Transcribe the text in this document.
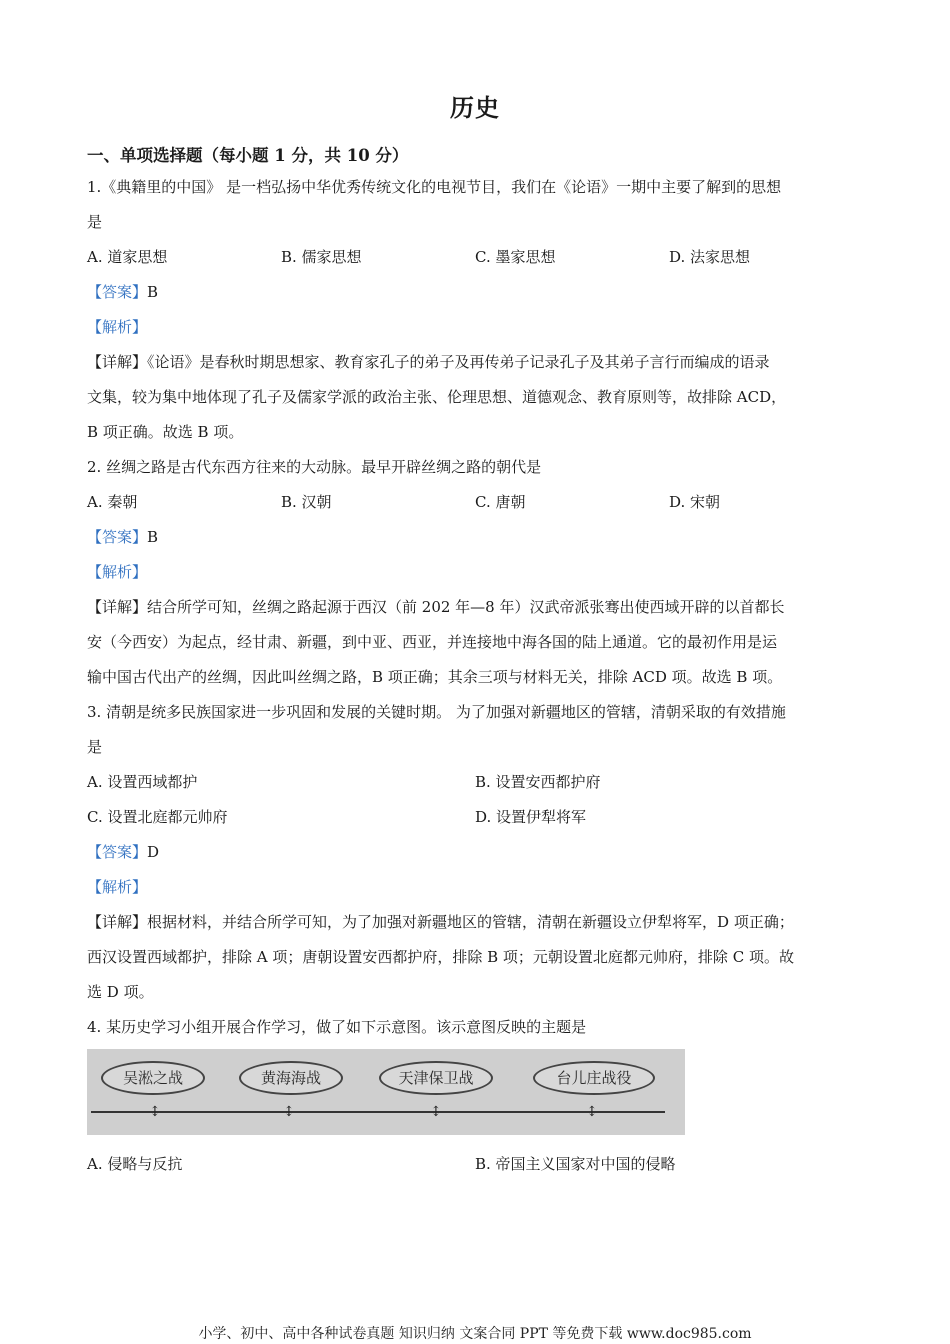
历史
一、单项选择题（每小题 1 分，共 10 分）
1.《典籍里的中国》 是一档弘扬中华优秀传统文化的电视节目，我们在《论语》一期中主要了解到的思想
是
A. 道家思想	B. 儒家思想	C. 墨家思想	D. 法家思想
【答案】B
【解析】
【详解】《论语》是春秋时期思想家、教育家孔子的弟子及再传弟子记录孔子及其弟子言行而编成的语录
文集，较为集中地体现了孔子及儒家学派的政治主张、伦理思想、道德观念、教育原则等，故排除 ACD，
B 项正确。故选 B 项。
2. 丝绸之路是古代东西方往来的大动脉。最早开辟丝绸之路的朝代是
A. 秦朝	B. 汉朝	C. 唐朝	D. 宋朝
【答案】B
【解析】
【详解】结合所学可知，丝绸之路起源于西汉（前 202 年—8 年）汉武帝派张骞出使西域开辟的以首都长
安（今西安）为起点，经甘肃、新疆，到中亚、西亚，并连接地中海各国的陆上通道。它的最初作用是运
输中国古代出产的丝绸，因此叫丝绸之路，B 项正确；其余三项与材料无关，排除 ACD 项。故选 B 项。
3. 清朝是统多民族国家进一步巩固和发展的关键时期。 为了加强对新疆地区的管辖，清朝采取的有效措施
是
A. 设置西域都护	B. 设置安西都护府
C. 设置北庭都元帅府	D. 设置伊犁将军
【答案】D
【解析】
【详解】根据材料，并结合所学可知，为了加强对新疆地区的管辖，清朝在新疆设立伊犁将军，D 项正确；
西汉设置西域都护，排除 A 项；唐朝设置安西都护府，排除 B 项；元朝设置北庭都元帅府，排除 C 项。故
选 D 项。
4. 某历史学习小组开展合作学习，做了如下示意图。该示意图反映的主题是
吴淞之战	黄海海战	天津保卫战	台儿庄战役
↕	↕	↕	↕
A. 侵略与反抗	B. 帝国主义国家对中国的侵略
小学、初中、高中各种试卷真题 知识归纳 文案合同 PPT 等免费下载 www.doc985.com
